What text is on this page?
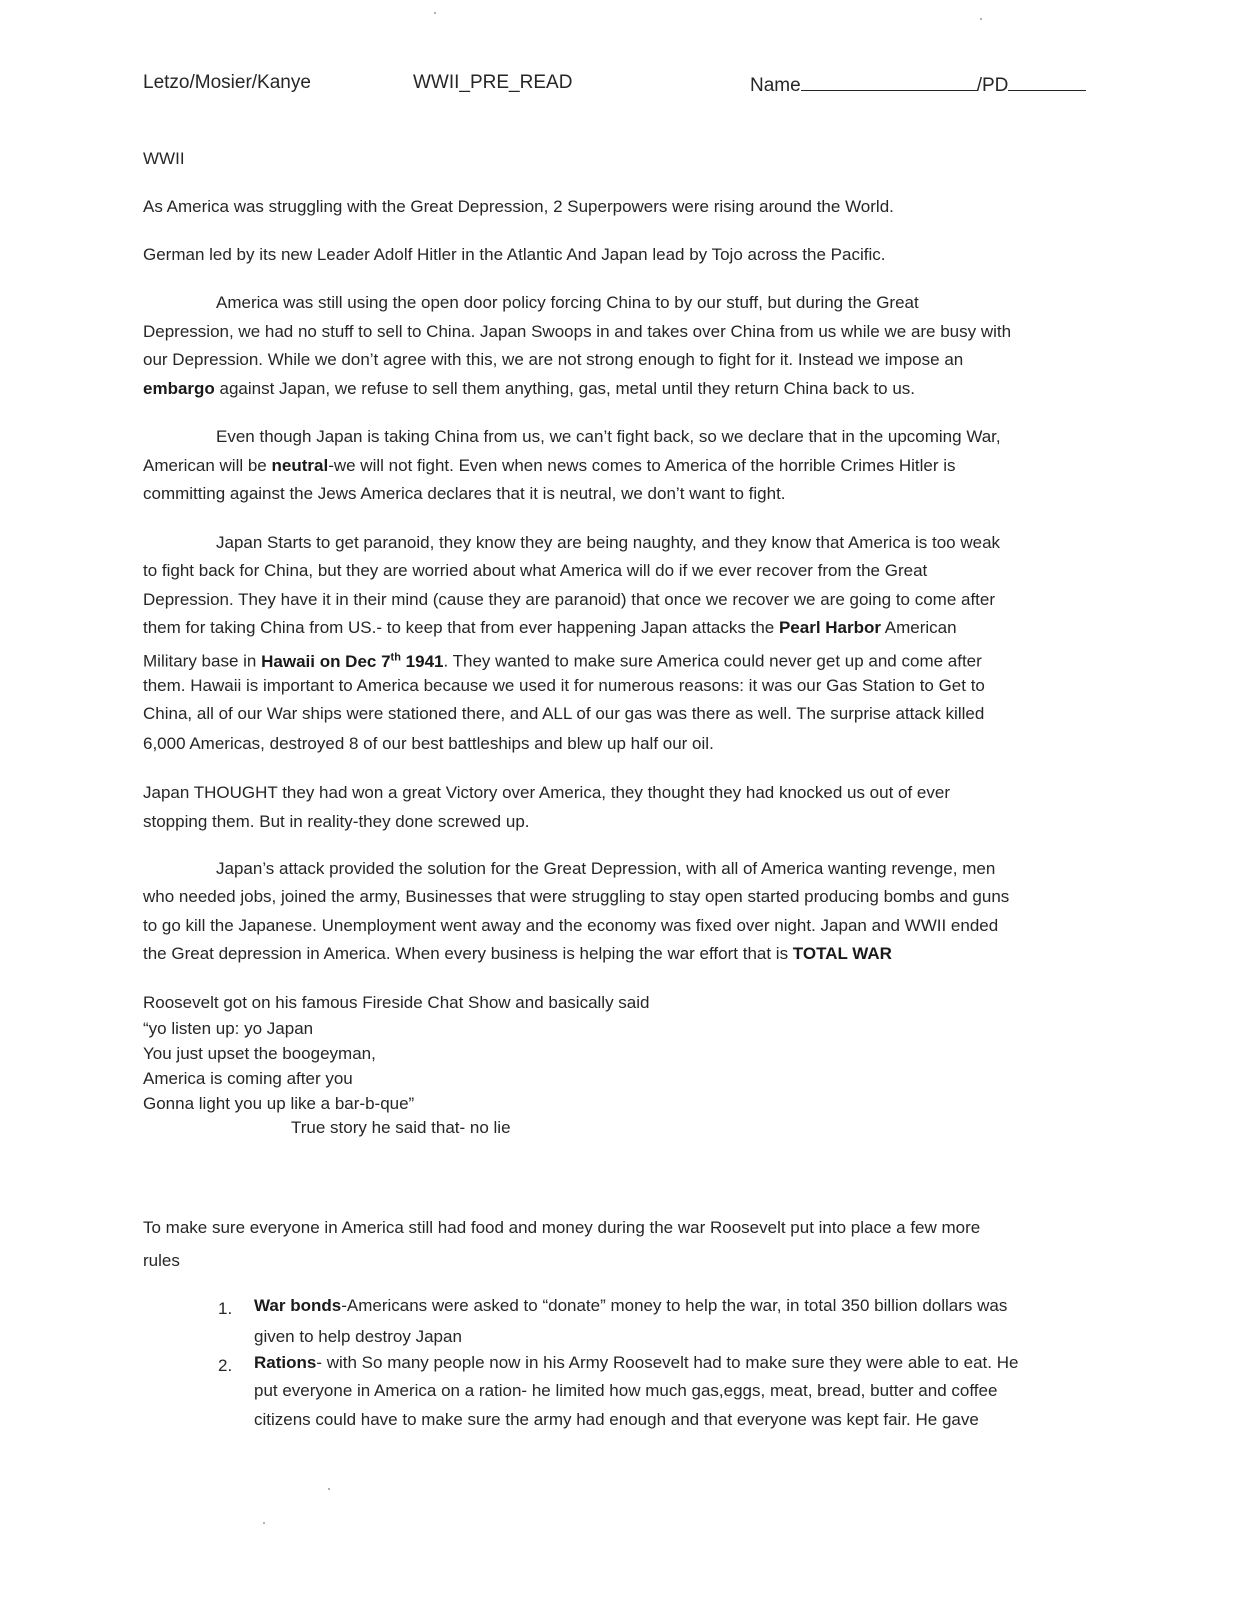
Letzo/Mosier/Kanye	WWII_PRE_READ	Name	/PD
WWII
As America was struggling with the Great Depression, 2 Superpowers were rising around the World.
German led by its new Leader Adolf Hitler in the Atlantic And Japan lead by Tojo across the Pacific.
America was still using the open door policy forcing China to by our stuff, but during the Great
Depression, we had no stuff to sell to China. Japan Swoops in and takes over China from us while we are busy with
our Depression. While we don’t agree with this, we are not strong enough to fight for it. Instead we impose an
embargo against Japan, we refuse to sell them anything, gas, metal until they return China back to us.
Even though Japan is taking China from us, we can’t fight back, so we declare that in the upcoming War,
American will be neutral-we will not fight. Even when news comes to America of the horrible Crimes Hitler is
committing against the Jews America declares that it is neutral, we don’t want to fight.
Japan Starts to get paranoid, they know they are being naughty, and they know that America is too weak
to fight back for China, but they are worried about what America will do if we ever recover from the Great
Depression. They have it in their mind (cause they are paranoid) that once we recover we are going to come after
them for taking China from US.- to keep that from ever happening Japan attacks the Pearl Harbor American
Military base in Hawaii on Dec 7th 1941. They wanted to make sure America could never get up and come after
them. Hawaii is important to America because we used it for numerous reasons: it was our Gas Station to Get to
China, all of our War ships were stationed there, and ALL of our gas was there as well. The surprise attack killed
6,000 Americas, destroyed 8 of our best battleships and blew up half our oil.
Japan THOUGHT they had won a great Victory over America, they thought they had knocked us out of ever
stopping them. But in reality-they done screwed up.
Japan’s attack provided the solution for the Great Depression, with all of America wanting revenge, men
who needed jobs, joined the army, Businesses that were struggling to stay open started producing bombs and guns
to go kill the Japanese. Unemployment went away and the economy was fixed over night. Japan and WWII ended
the Great depression in America. When every business is helping the war effort that is TOTAL WAR
Roosevelt got on his famous Fireside Chat Show and basically said
“yo listen up: yo Japan
You just upset the boogeyman,
America is coming after you
Gonna light you up like a bar-b-que”
True story he said that- no lie
To make sure everyone in America still had food and money during the war Roosevelt put into place a few more
rules
1. War bonds-Americans were asked to “donate” money to help the war, in total 350 billion dollars was
given to help destroy Japan
2. Rations- with So many people now in his Army Roosevelt had to make sure they were able to eat. He
put everyone in America on a ration- he limited how much gas,eggs, meat, bread, butter and coffee
citizens could have to make sure the army had enough and that everyone was kept fair. He gave
